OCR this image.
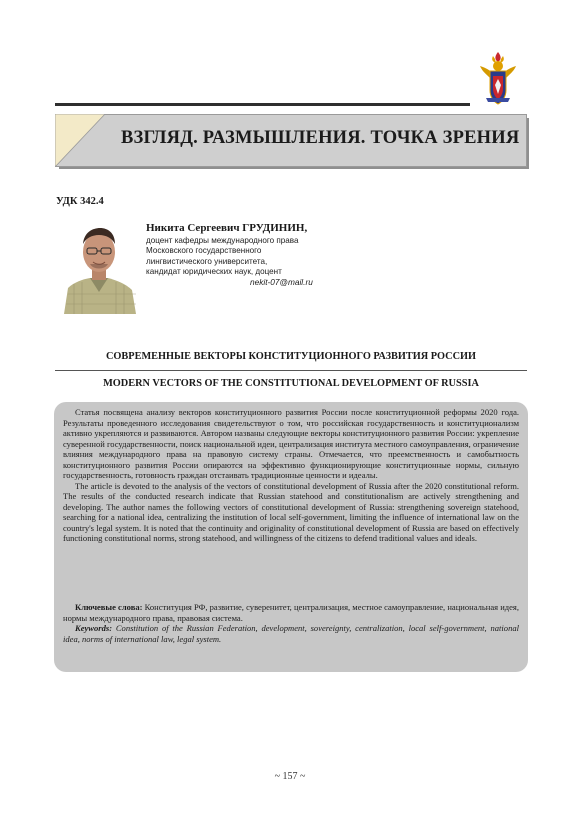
ВЗГЛЯД. РАЗМЫШЛЕНИЯ. ТОЧКА ЗРЕНИЯ
УДК 342.4
Никита Сергеевич ГРУДИНИН,
доцент кафедры международного права
Московского государственного
лингвистического университета,
кандидат юридических наук, доцент
nekit-07@mail.ru
СОВРЕМЕННЫЕ ВЕКТОРЫ КОНСТИТУЦИОННОГО РАЗВИТИЯ РОССИИ
MODERN VECTORS OF THE CONSTITUTIONAL DEVELOPMENT OF RUSSIA

Статья посвящена анализу векторов конституционного развития России после конституционной реформы 2020 года. Результаты проведенного исследования свидетельствуют о том, что российская государственность и конституционализм активно укрепляются и развиваются. Автором названы следующие векторы конституционного развития России: укрепление суверенной государственности, поиск национальной идеи, централизация института местного самоуправления, ограничение влияния международного права на правовую систему страны. Отмечается, что преемственность и самобытность конституционного развития России опираются на эффективно функционирующие конституционные нормы, сильную государственность, готовность граждан отстаивать традиционные ценности и идеалы.

The article is devoted to the analysis of the vectors of constitutional development of Russia after the 2020 constitutional reform. The results of the conducted research indicate that Russian statehood and constitutionalism are actively strengthening and developing. The author names the following vectors of constitutional development of Russia: strengthening sovereign statehood, searching for a national idea, centralizing the institution of local self-government, limiting the influence of international law on the country's legal system. It is noted that the continuity and originality of constitutional development of Russia are based on effectively functioning constitutional norms, strong statehood, and willingness of the citizens to defend traditional values and ideals.

Ключевые слова: Конституция РФ, развитие, суверенитет, централизация, местное самоуправление, национальная идея, нормы международного права, правовая система.

Keywords: Constitution of the Russian Federation, development, sovereignty, centralization, local self-government, national idea, norms of international law, legal system.

~ 157 ~
